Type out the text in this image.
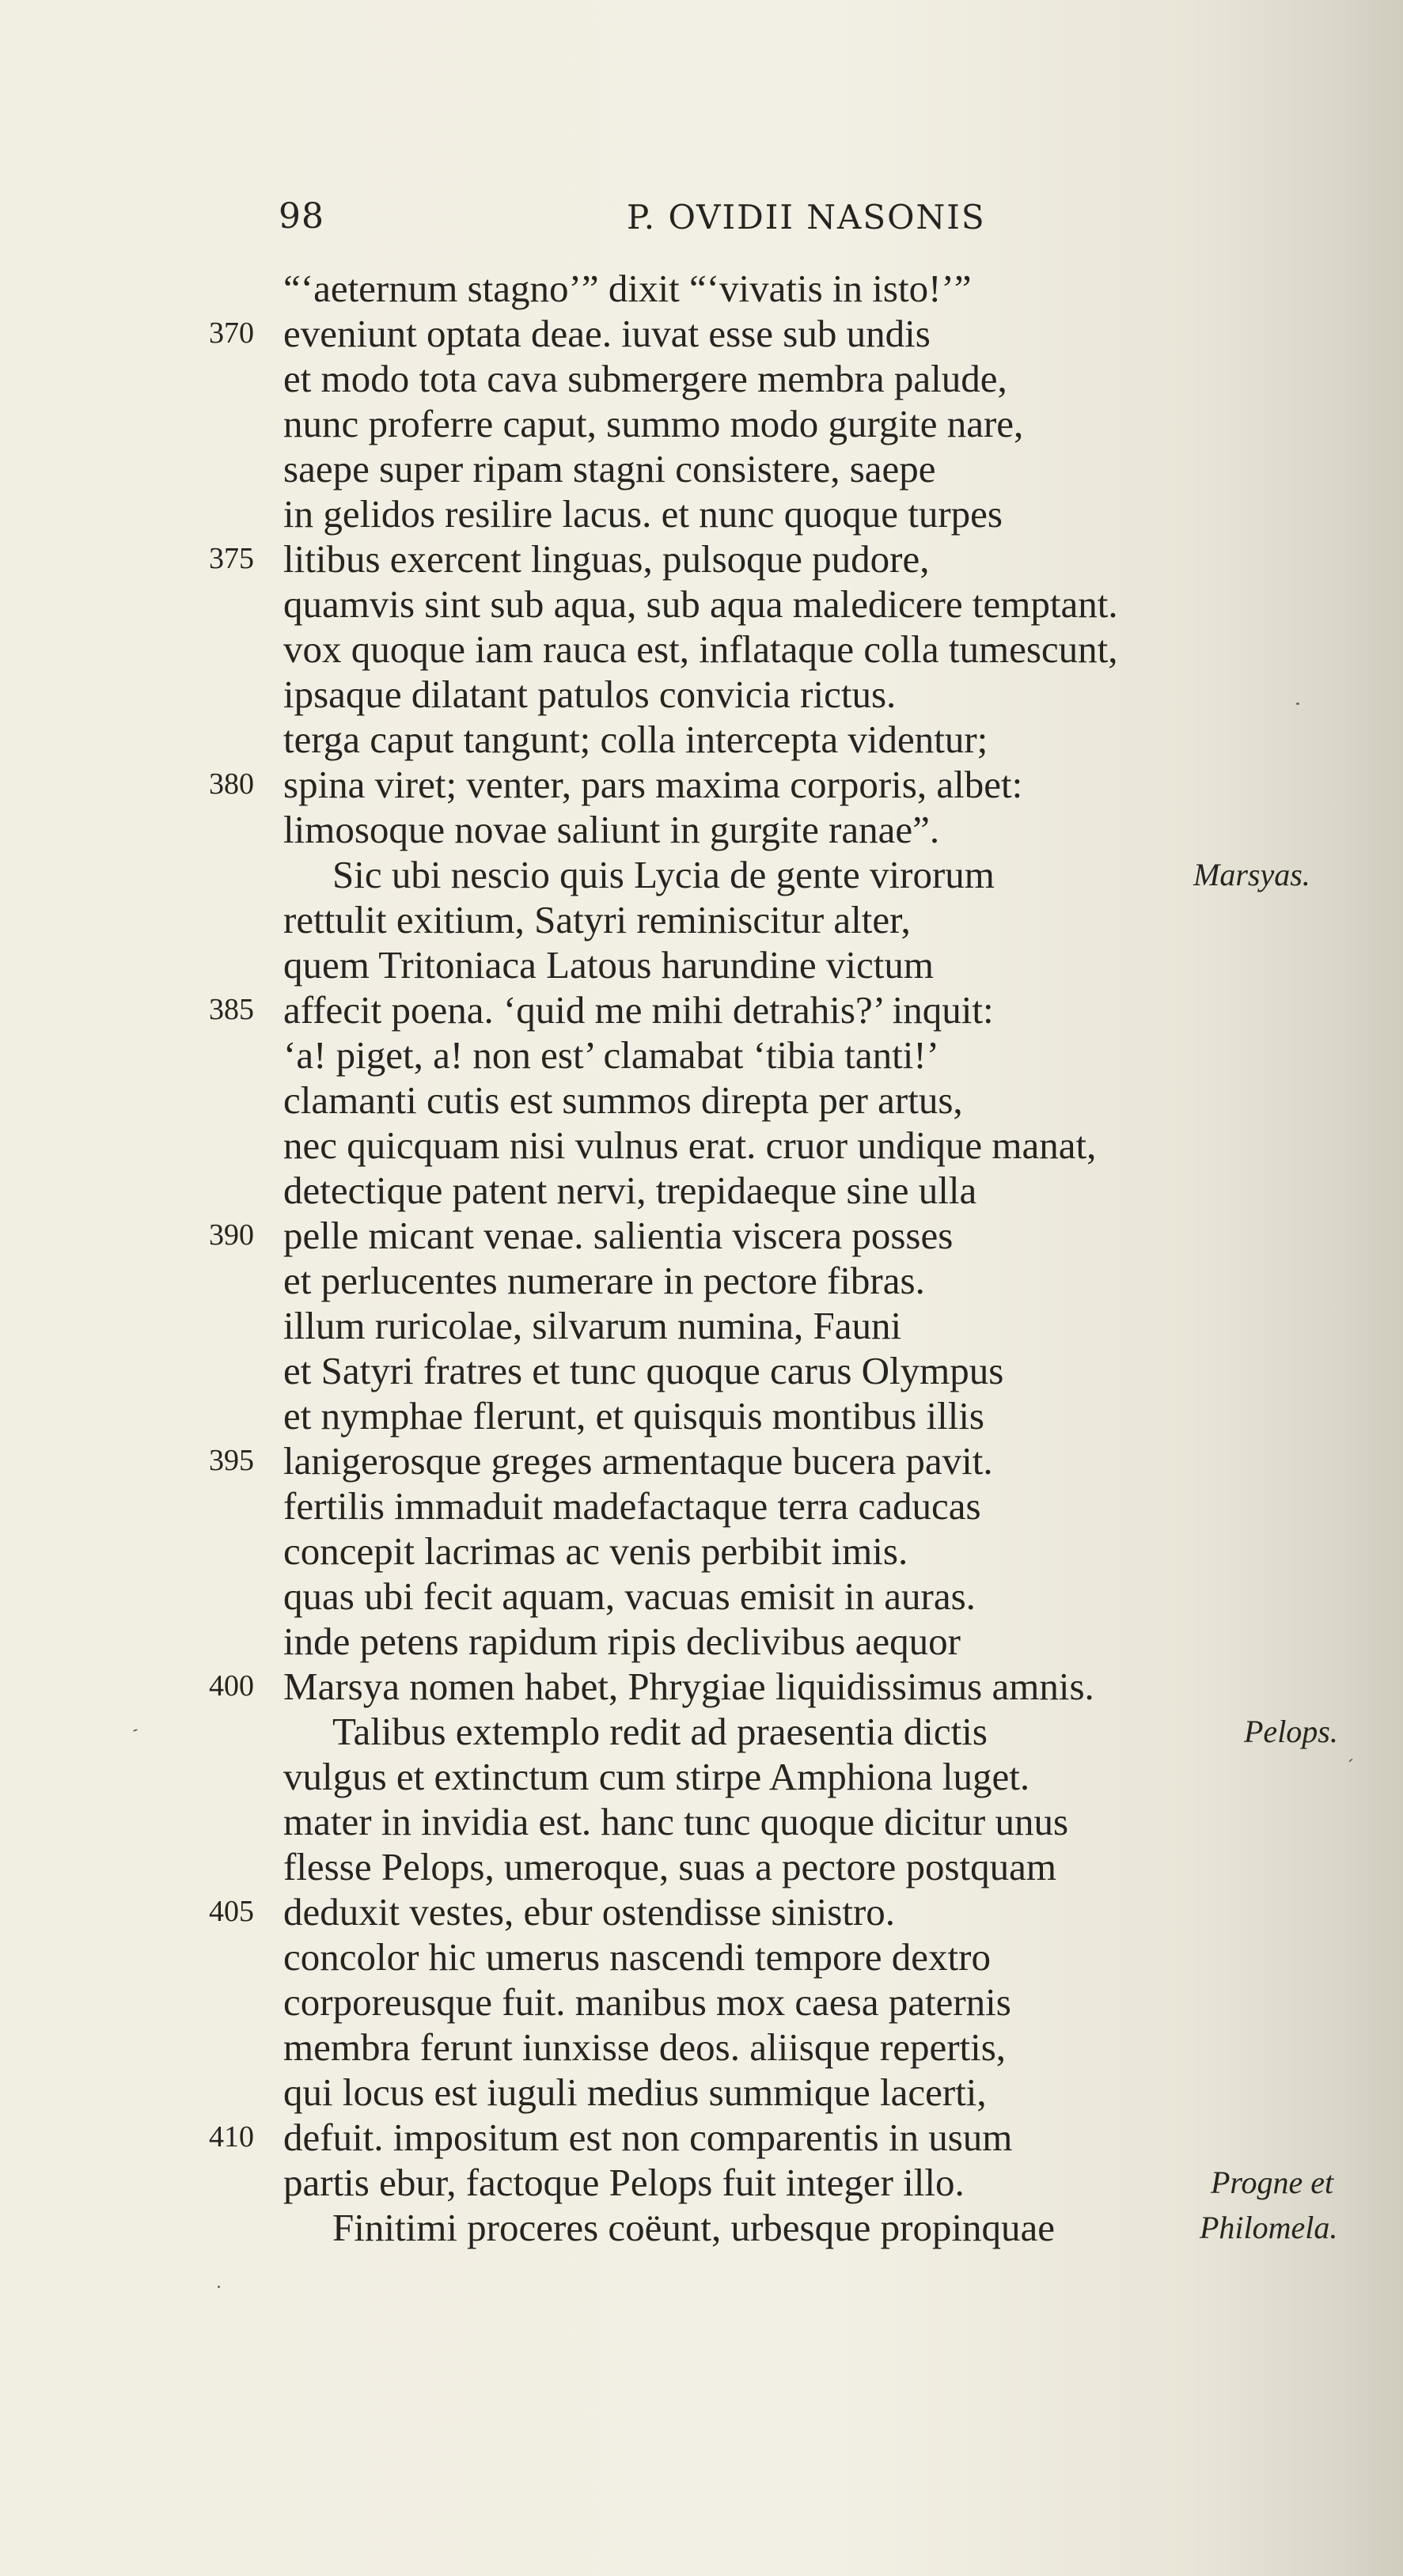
98	P. OVIDII NASONIS
“‘aeternum stagno’” dixit “‘vivatis in isto!’”
370 eveniunt optata deae. iuvat esse sub undis
et modo tota cava submergere membra palude,
nunc proferre caput, summo modo gurgite nare,
saepe super ripam stagni consistere, saepe
in gelidos resilire lacus. et nunc quoque turpes
375 litibus exercent linguas, pulsoque pudore,
quamvis sint sub aqua, sub aqua maledicere temptant.
vox quoque iam rauca est, inflataque colla tumescunt,
ipsaque dilatant patulos convicia rictus.
terga caput tangunt; colla intercepta videntur;
380 spina viret; venter, pars maxima corporis, albet:
limosoque novae saliunt in gurgite ranae”.
Sic ubi nescio quis Lycia de gente virorum	Marsyas.
rettulit exitium, Satyri reminiscitur alter,
quem Tritoniaca Latous harundine victum
385 affecit poena. ‘quid me mihi detrahis?’ inquit:
‘a! piget, a! non est’ clamabat ‘tibia tanti!’
clamanti cutis est summos direpta per artus,
nec quicquam nisi vulnus erat. cruor undique manat,
detectique patent nervi, trepidaeque sine ulla
390 pelle micant venae. salientia viscera posses
et perlucentes numerare in pectore fibras.
illum ruricolae, silvarum numina, Fauni
et Satyri fratres et tunc quoque carus Olympus
et nymphae flerunt, et quisquis montibus illis
395 lanigerosque greges armentaque bucera pavit.
fertilis immaduit madefactaque terra caducas
concepit lacrimas ac venis perbibit imis.
quas ubi fecit aquam, vacuas emisit in auras.
inde petens rapidum ripis declivibus aequor
400 Marsya nomen habet, Phrygiae liquidissimus amnis.
Talibus extemplo redit ad praesentia dictis	Pelops.
vulgus et extinctum cum stirpe Amphiona luget.
mater in invidia est. hanc tunc quoque dicitur unus
flesse Pelops, umeroque, suas a pectore postquam
405 deduxit vestes, ebur ostendisse sinistro.
concolor hic umerus nascendi tempore dextro
corporeusque fuit. manibus mox caesa paternis
membra ferunt iunxisse deos. aliisque repertis,
qui locus est iuguli medius summique lacerti,
410 defuit. impositum est non comparentis in usum
partis ebur, factoque Pelops fuit integer illo.	Progne et
Finitimi proceres coëunt, urbesque propinquae	Philomela.
